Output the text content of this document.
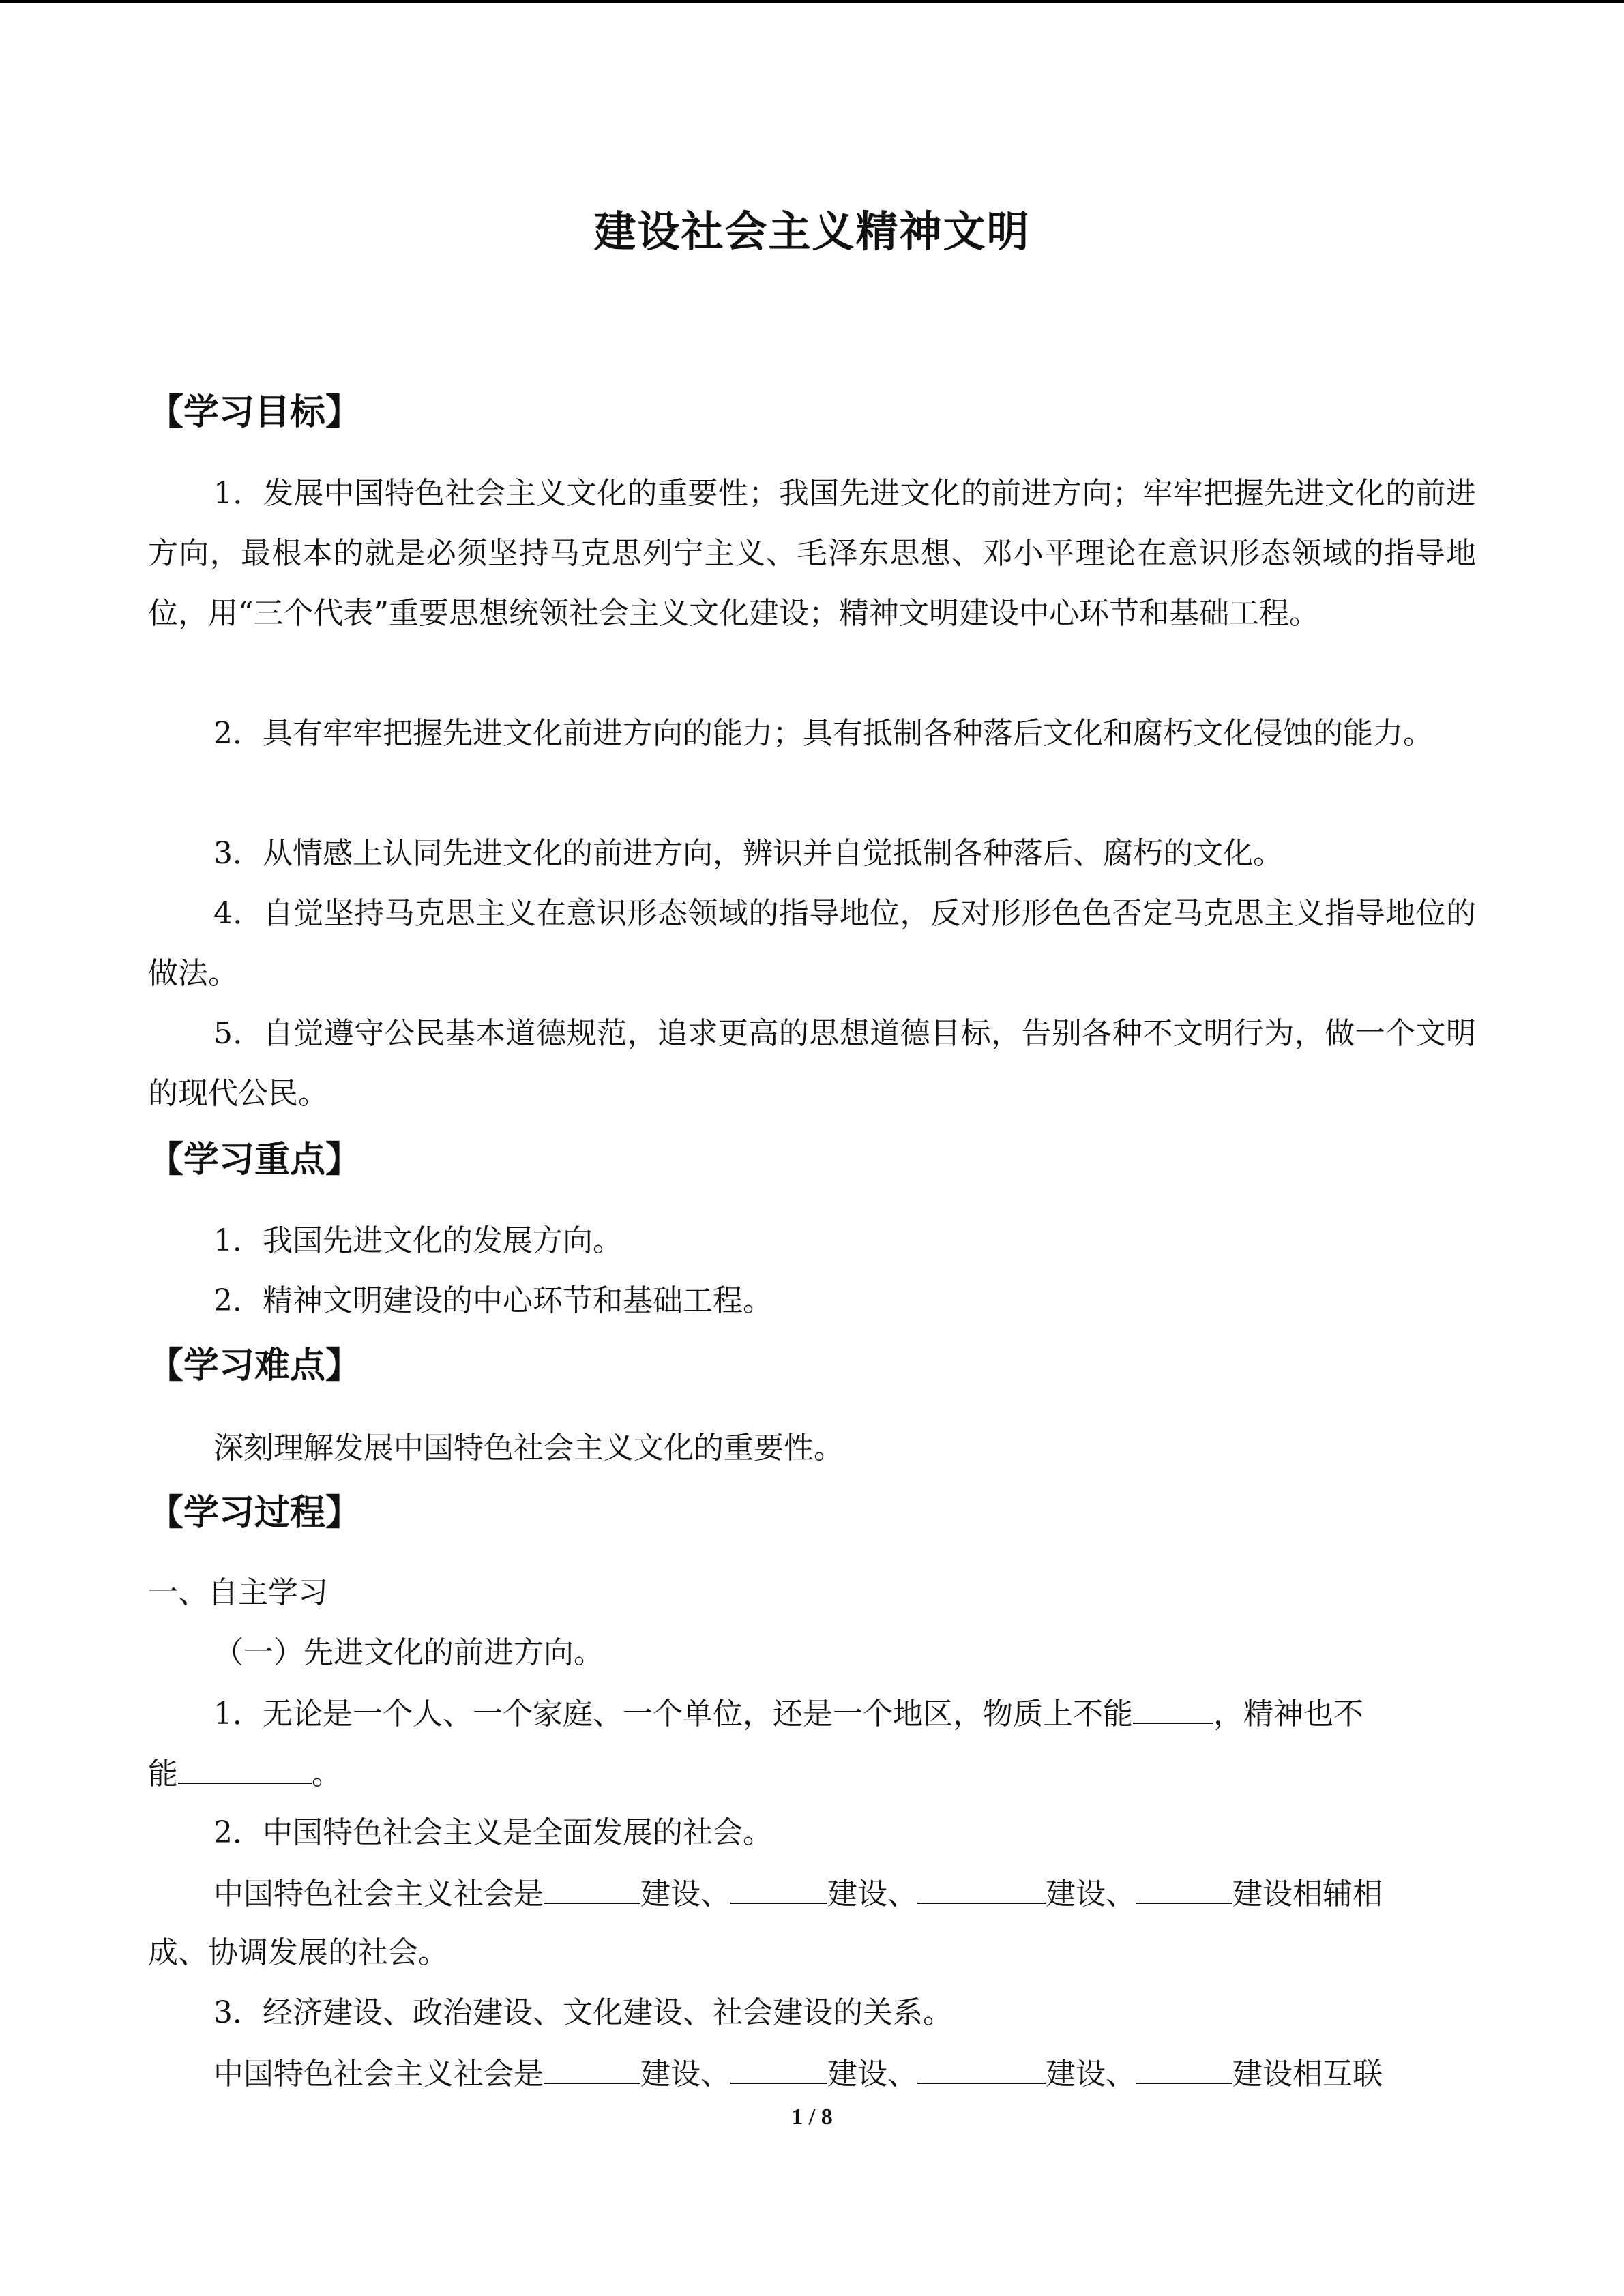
建设社会主义精神文明
【学习目标】
1．发展中国特色社会主义文化的重要性；我国先进文化的前进方向；牢牢把握先进文化的前进方向，最根本的就是必须坚持马克思列宁主义、毛泽东思想、邓小平理论在意识形态领域的指导地位，用“三个代表”重要思想统领社会主义文化建设；精神文明建设中心环节和基础工程。
2．具有牢牢把握先进文化前进方向的能力；具有抵制各种落后文化和腐朽文化侵蚀的能力。
3．从情感上认同先进文化的前进方向，辨识并自觉抵制各种落后、腐朽的文化。
4．自觉坚持马克思主义在意识形态领域的指导地位，反对形形色色否定马克思主义指导地位的做法。
5．自觉遵守公民基本道德规范，追求更高的思想道德目标，告别各种不文明行为，做一个文明的现代公民。
【学习重点】
1．我国先进文化的发展方向。
2．精神文明建设的中心环节和基础工程。
【学习难点】
深刻理解发展中国特色社会主义文化的重要性。
【学习过程】
一、自主学习
（一）先进文化的前进方向。
1．无论是一个人、一个家庭、一个单位，还是一个地区，物质上不能	，精神也不
能	。
2．中国特色社会主义是全面发展的社会。
中国特色社会主义社会是	建设、	建设、	建设、	建设相辅相
成、协调发展的社会。
3．经济建设、政治建设、文化建设、社会建设的关系。
中国特色社会主义社会是	建设、	建设、	建设、	建设相互联
1 / 8
